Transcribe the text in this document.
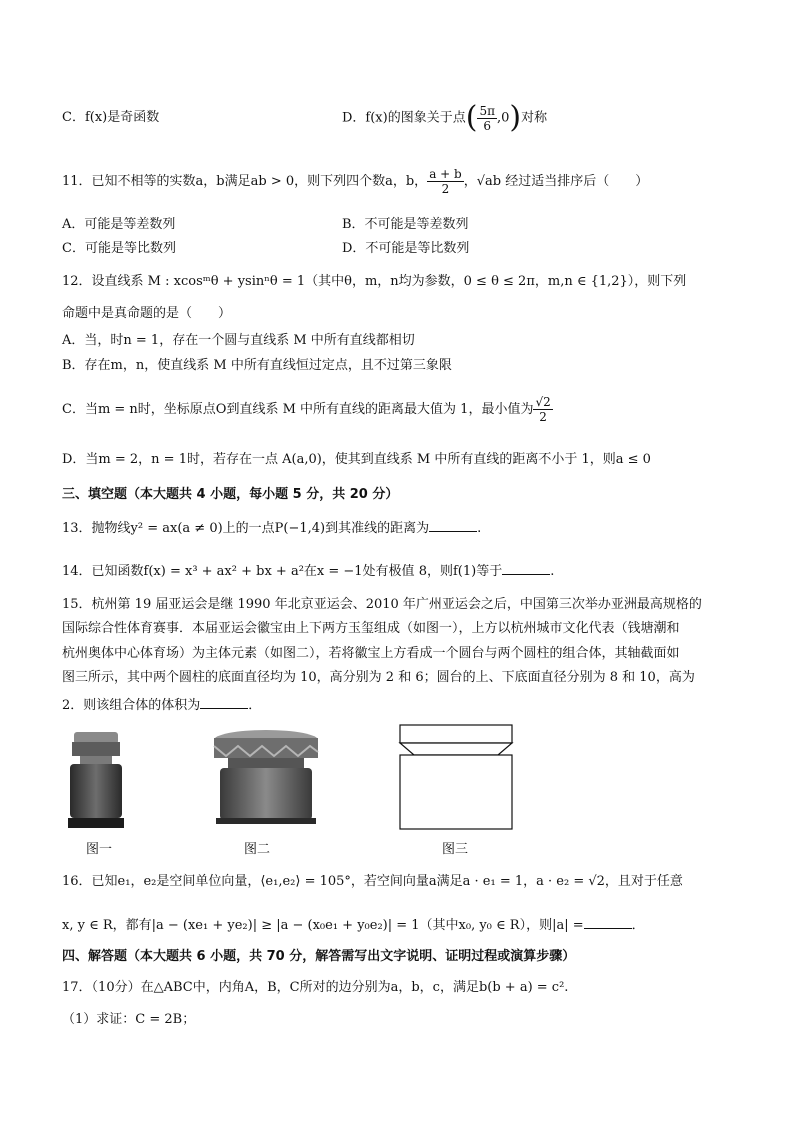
C．f(x)是奇函数	D．f(x)的图象关于点( $\frac{5\pi}{6} ,0$)对称
11．已知不相等的实数a，b满足ab > 0，则下列四个数a，b， $\frac{a + b}{2}$ ，√ab 经过适当排序后（　　）
A．可能是等差数列	B．不可能是等差数列
C．可能是等比数列	D．不可能是等比数列
12．设直线系 M : xcosᵐθ + ysinⁿθ = 1（其中θ，m，n均为参数，0 ≤ θ ≤ 2π，m,n ∈ {1,2}），则下列
命题中是真命题的是（　　）
A．当，时n = 1，存在一个圆与直线系 M 中所有直线都相切
B．存在m，n，使直线系 M 中所有直线恒过定点，且不过第三象限
C．当m = n时，坐标原点O到直线系 M 中所有直线的距离最大值为 1，最小值为 $\frac{√2}{2}$
D．当m = 2，n = 1时，若存在一点 A(a,0)，使其到直线系 M 中所有直线的距离不小于 1，则a ≤ 0
三、填空题（本大题共 4 小题，每小题 5 分，共 20 分）
13．抛物线y² = ax(a ≠ 0)上的一点P(−1,4)到其准线的距离为	.
14．已知函数f(x) = x³ + ax² + bx + a²在x = −1处有极值 8，则f(1)等于	.
15．杭州第 19 届亚运会是继 1990 年北京亚运会、2010 年广州亚运会之后，中国第三次举办亚洲最高规格的
国际综合性体育赛事．本届亚运会徽宝由上下两方玉玺组成（如图一），上方以杭州城市文化代表（钱塘潮和
杭州奥体中心体育场）为主体元素（如图二），若将徽宝上方看成一个圆台与两个圆柱的组合体，其轴截面如
图三所示，其中两个圆柱的底面直径均为 10，高分别为 2 和 6；圆台的上、下底面直径分别为 8 和 10，高为
2．则该组合体的体积为	．
图一	图二	图三
16．已知e₁，e₂是空间单位向量，⟨e₁,e₂⟩ = 105°，若空间向量a满足a · e₁ = 1，a · e₂ = √2，且对于任意
x, y ∈ R，都有|a − (xe₁ + ye₂)| ≥ |a − (x₀e₁ + y₀e₂)| = 1（其中x₀, y₀ ∈ R），则|a| =	．
四、解答题（本大题共 6 小题，共 70 分，解答需写出文字说明、证明过程或演算步骤）
17．（10分）在△ABC中，内角A，B，C所对的边分别为a，b，c，满足b(b + a) = c².
（1）求证：C = 2B；
